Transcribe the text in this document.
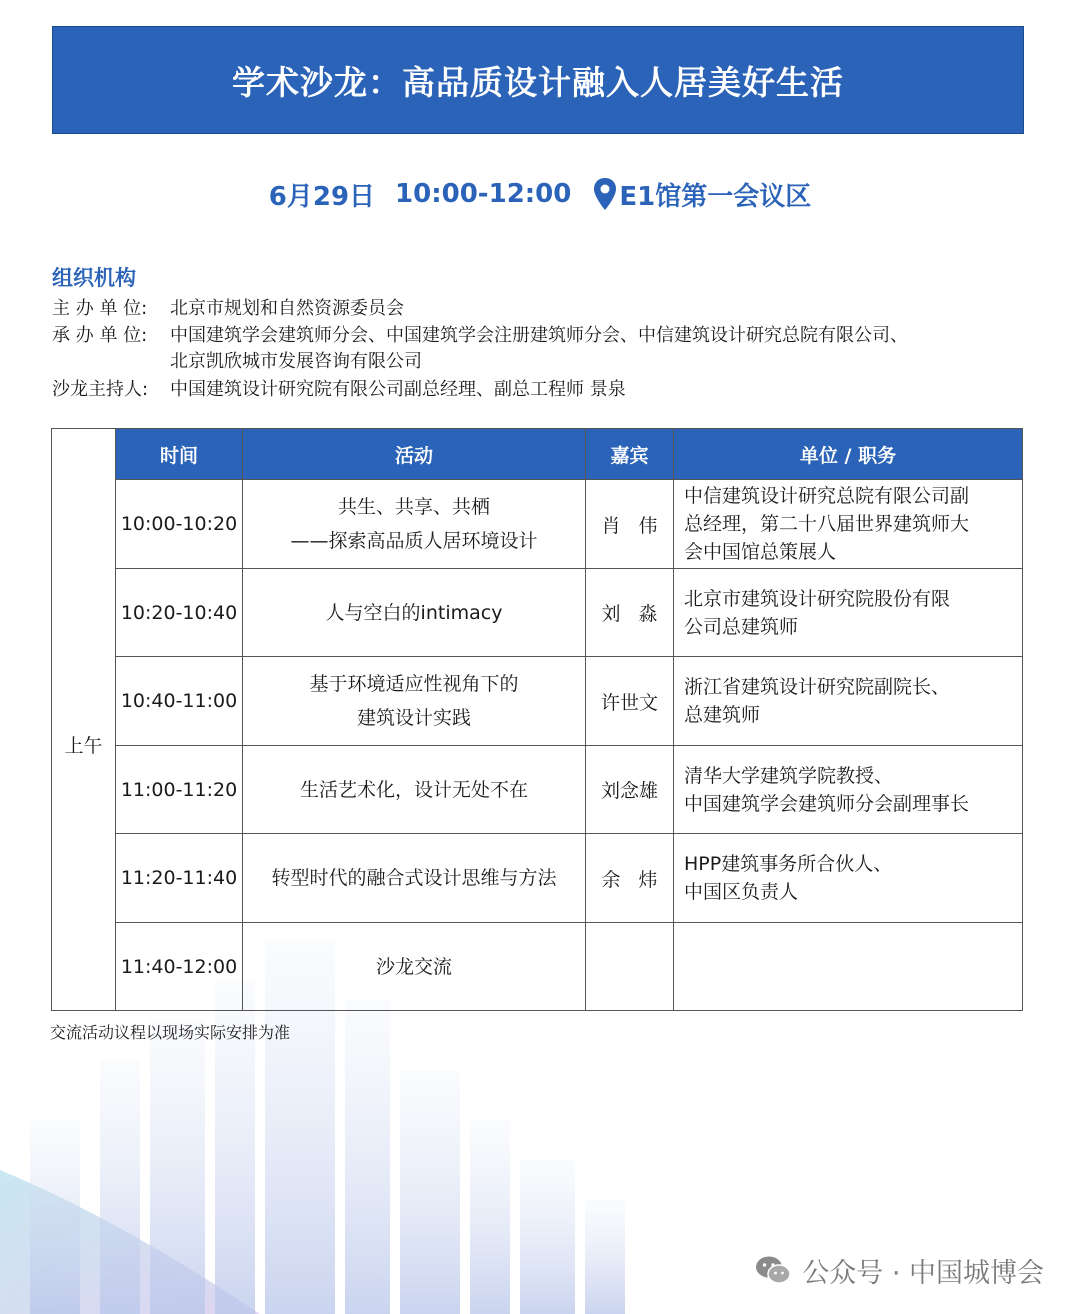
学术沙龙：高品质设计融入人居美好生活
6月29日 10:00-12:00 E1馆第一会议区
组织机构
主 办 单 位:	北京市规划和自然资源委员会
承 办 单 位:	中国建筑学会建筑师分会、中国建筑学会注册建筑师分会、中信建筑设计研究总院有限公司、
北京凯欣城市发展咨询有限公司
沙龙主持人:	中国建筑设计研究院有限公司副总经理、副总工程师 景泉
	时间	活动	嘉宾	单位 / 职务
上午	10:00-10:20	共生、共享、共栖
——探索高品质人居环境设计	肖   伟	中信建筑设计研究总院有限公司副
总经理，第二十八届世界建筑师大
会中国馆总策展人

	10:20-10:40	人与空白的intimacy	刘   淼	北京市建筑设计研究院股份有限
公司总建筑师

	10:40-11:00	基于环境适应性视角下的
建筑设计实践	许世文	浙江省建筑设计研究院副院长、
总建筑师

	11:00-11:20	生活艺术化，设计无处不在	刘念雄	清华大学建筑学院教授、
中国建筑学会建筑师分会副理事长

	11:20-11:40	转型时代的融合式设计思维与方法	余   炜	HPP建筑事务所合伙人、
中国区负责人

	11:40-12:00	沙龙交流		

交流活动议程以现场实际安排为准
公众号 · 中国城博会
